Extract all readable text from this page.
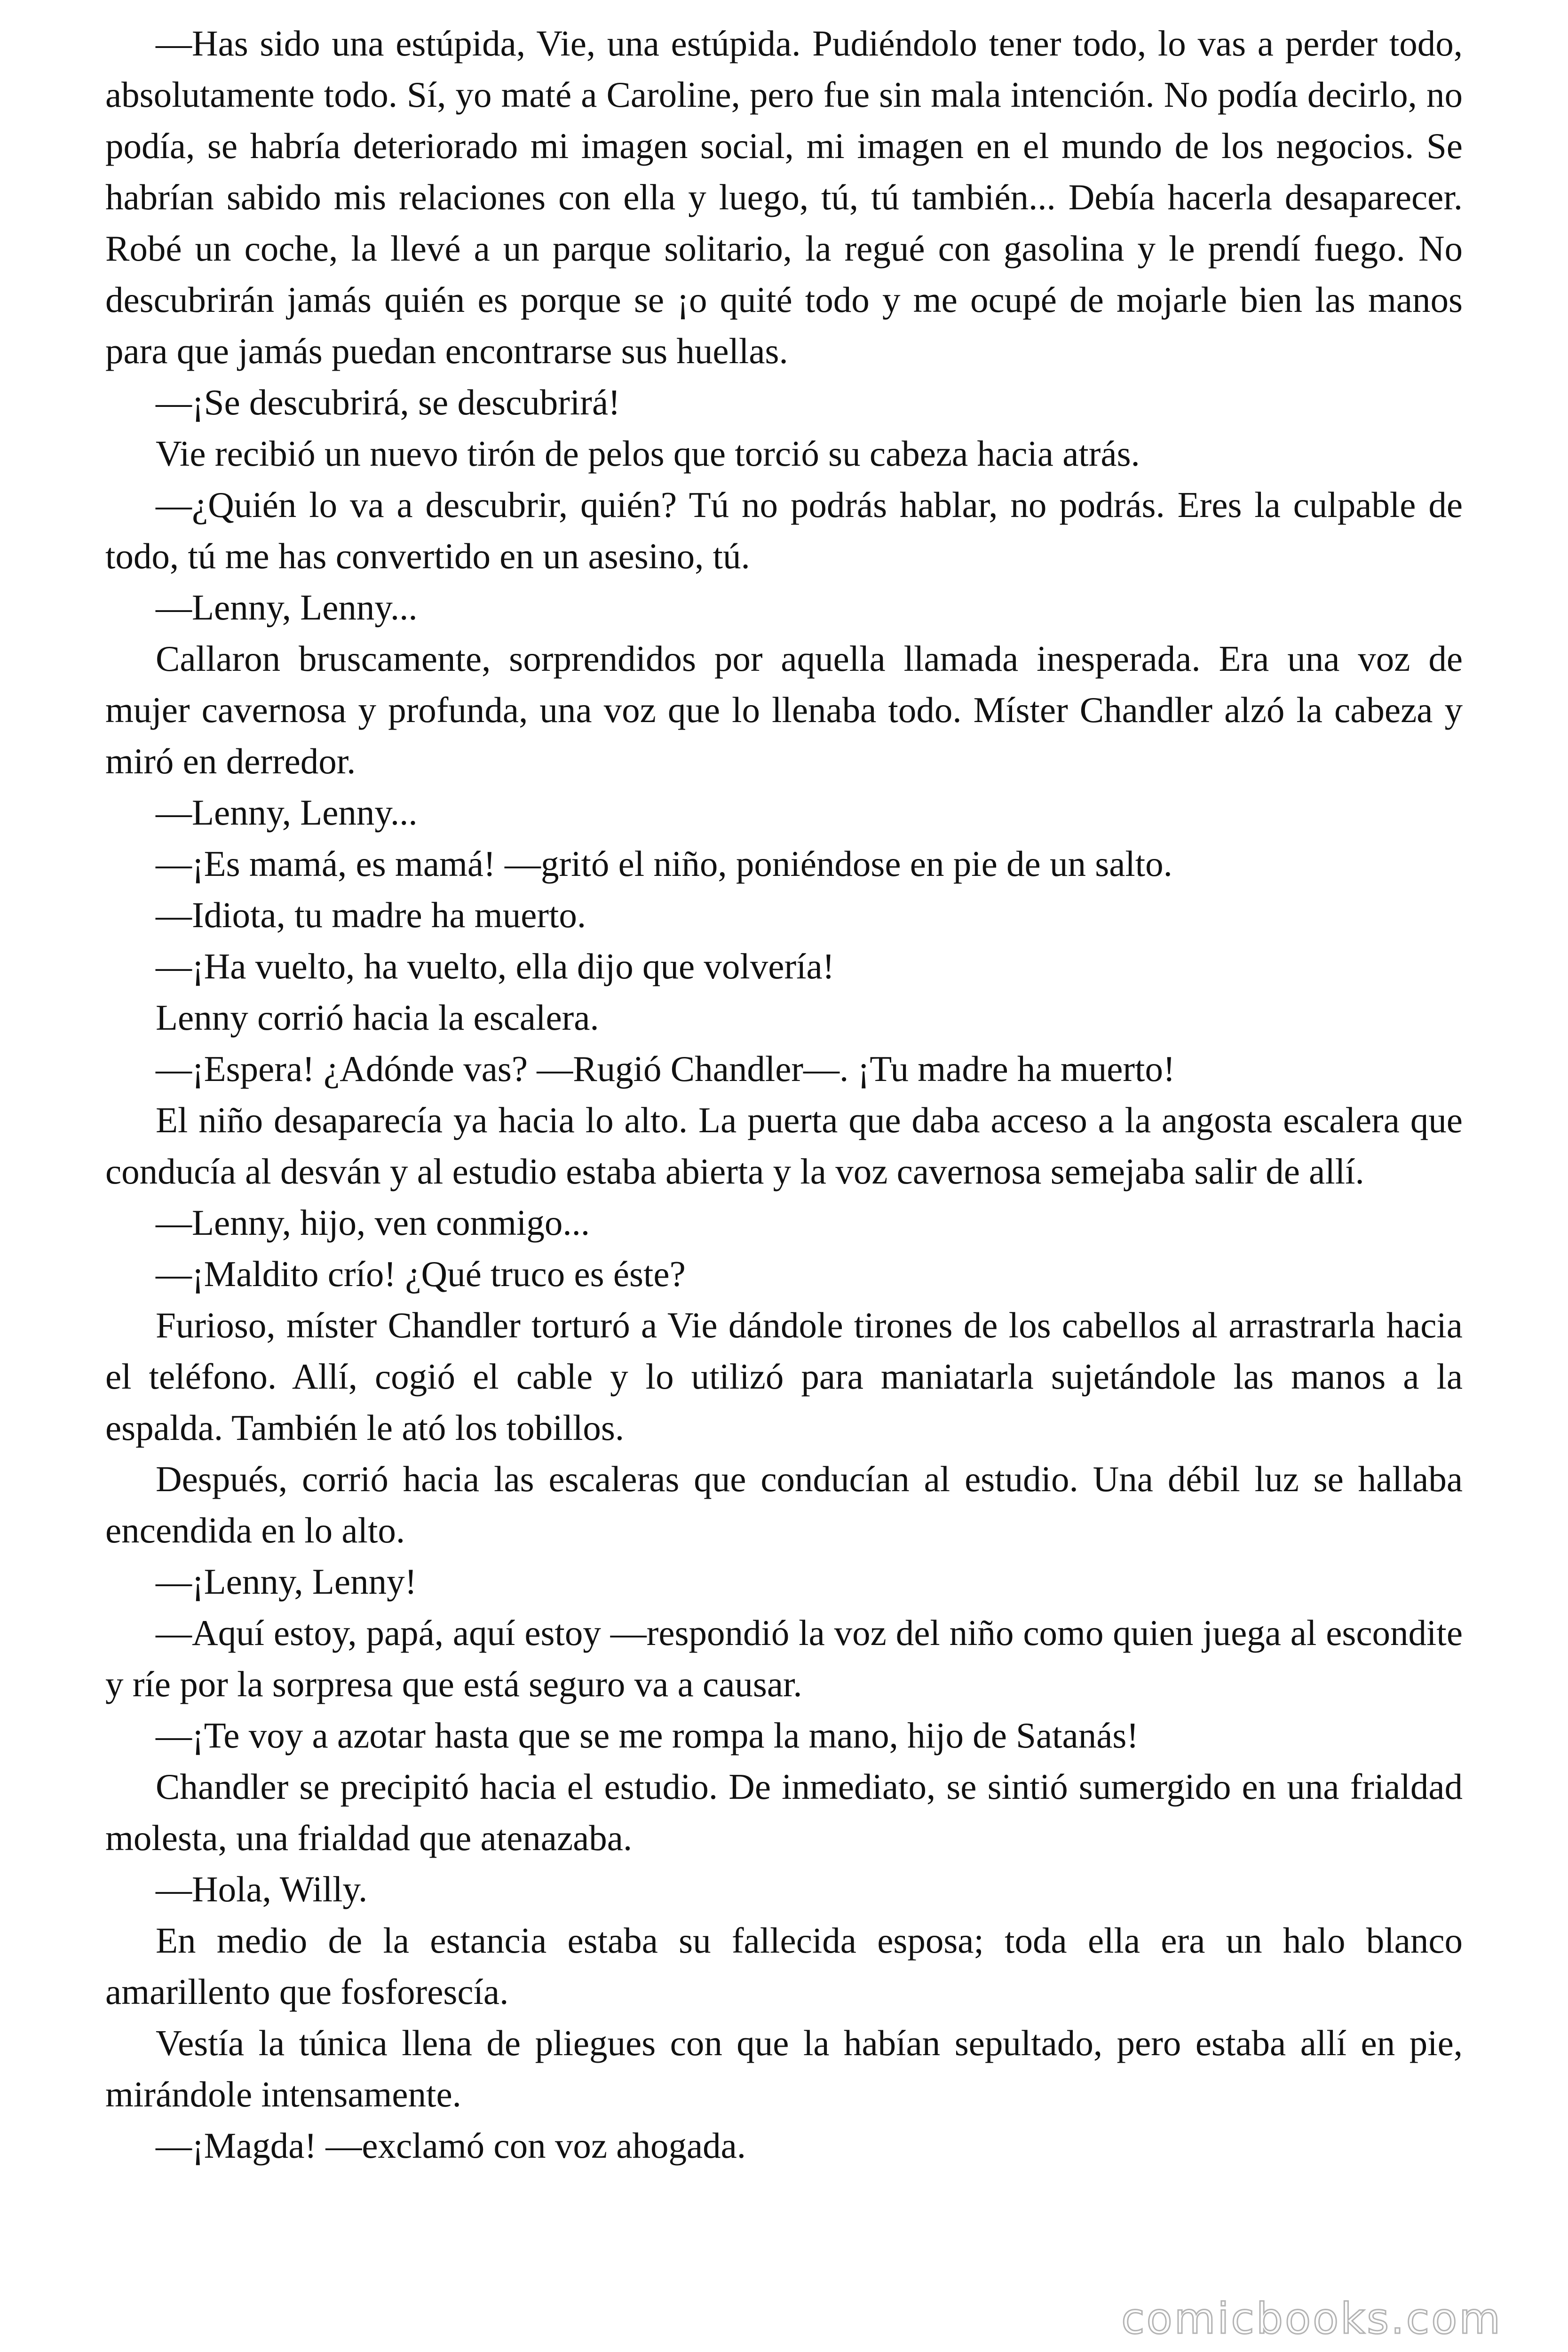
—Has sido una estúpida, Vie, una estúpida. Pudiéndolo tener todo, lo vas a perder todo, absolutamente todo. Sí, yo maté a Caroline, pero fue sin mala intención. No podía decirlo, no podía, se habría deteriorado mi imagen social, mi imagen en el mundo de los negocios. Se habrían sabido mis relaciones con ella y luego, tú, tú también... Debía hacerla desaparecer. Robé un coche, la llevé a un parque solitario, la regué con gasolina y le prendí fuego. No descubrirán jamás quién es porque se ¡o quité todo y me ocupé de mojarle bien las manos para que jamás puedan encontrarse sus huellas.

—¡Se descubrirá, se descubrirá!

Vie recibió un nuevo tirón de pelos que torció su cabeza hacia atrás.

—¿Quién lo va a descubrir, quién? Tú no podrás hablar, no podrás. Eres la culpable de todo, tú me has convertido en un asesino, tú.

—Lenny, Lenny...

Callaron bruscamente, sorprendidos por aquella llamada inesperada. Era una voz de mujer cavernosa y profunda, una voz que lo llenaba todo. Míster Chandler alzó la cabeza y miró en derredor.

—Lenny, Lenny...

—¡Es mamá, es mamá! —gritó el niño, poniéndose en pie de un salto.

—Idiota, tu madre ha muerto.

—¡Ha vuelto, ha vuelto, ella dijo que volvería!

Lenny corrió hacia la escalera.

—¡Espera! ¿Adónde vas? —Rugió Chandler—. ¡Tu madre ha muerto!

El niño desaparecía ya hacia lo alto. La puerta que daba acceso a la angosta escalera que conducía al desván y al estudio estaba abierta y la voz cavernosa semejaba salir de allí.

—Lenny, hijo, ven conmigo...

—¡Maldito crío! ¿Qué truco es éste?

Furioso, míster Chandler torturó a Vie dándole tirones de los cabellos al arrastrarla hacia el teléfono. Allí, cogió el cable y lo utilizó para maniatarla sujetándole las manos a la espalda. También le ató los tobillos.

Después, corrió hacia las escaleras que conducían al estudio. Una débil luz se hallaba encendida en lo alto.

—¡Lenny, Lenny!

—Aquí estoy, papá, aquí estoy —respondió la voz del niño como quien juega al escondite y ríe por la sorpresa que está seguro va a causar.

—¡Te voy a azotar hasta que se me rompa la mano, hijo de Satanás!

Chandler se precipitó hacia el estudio. De inmediato, se sintió sumergido en una frialdad molesta, una frialdad que atenazaba.

—Hola, Willy.

En medio de la estancia estaba su fallecida esposa; toda ella era un halo blanco amarillento que fosforescía.

Vestía la túnica llena de pliegues con que la habían sepultado, pero estaba allí en pie, mirándole intensamente.

—¡Magda! —exclamó con voz ahogada.

comicbooks.com
